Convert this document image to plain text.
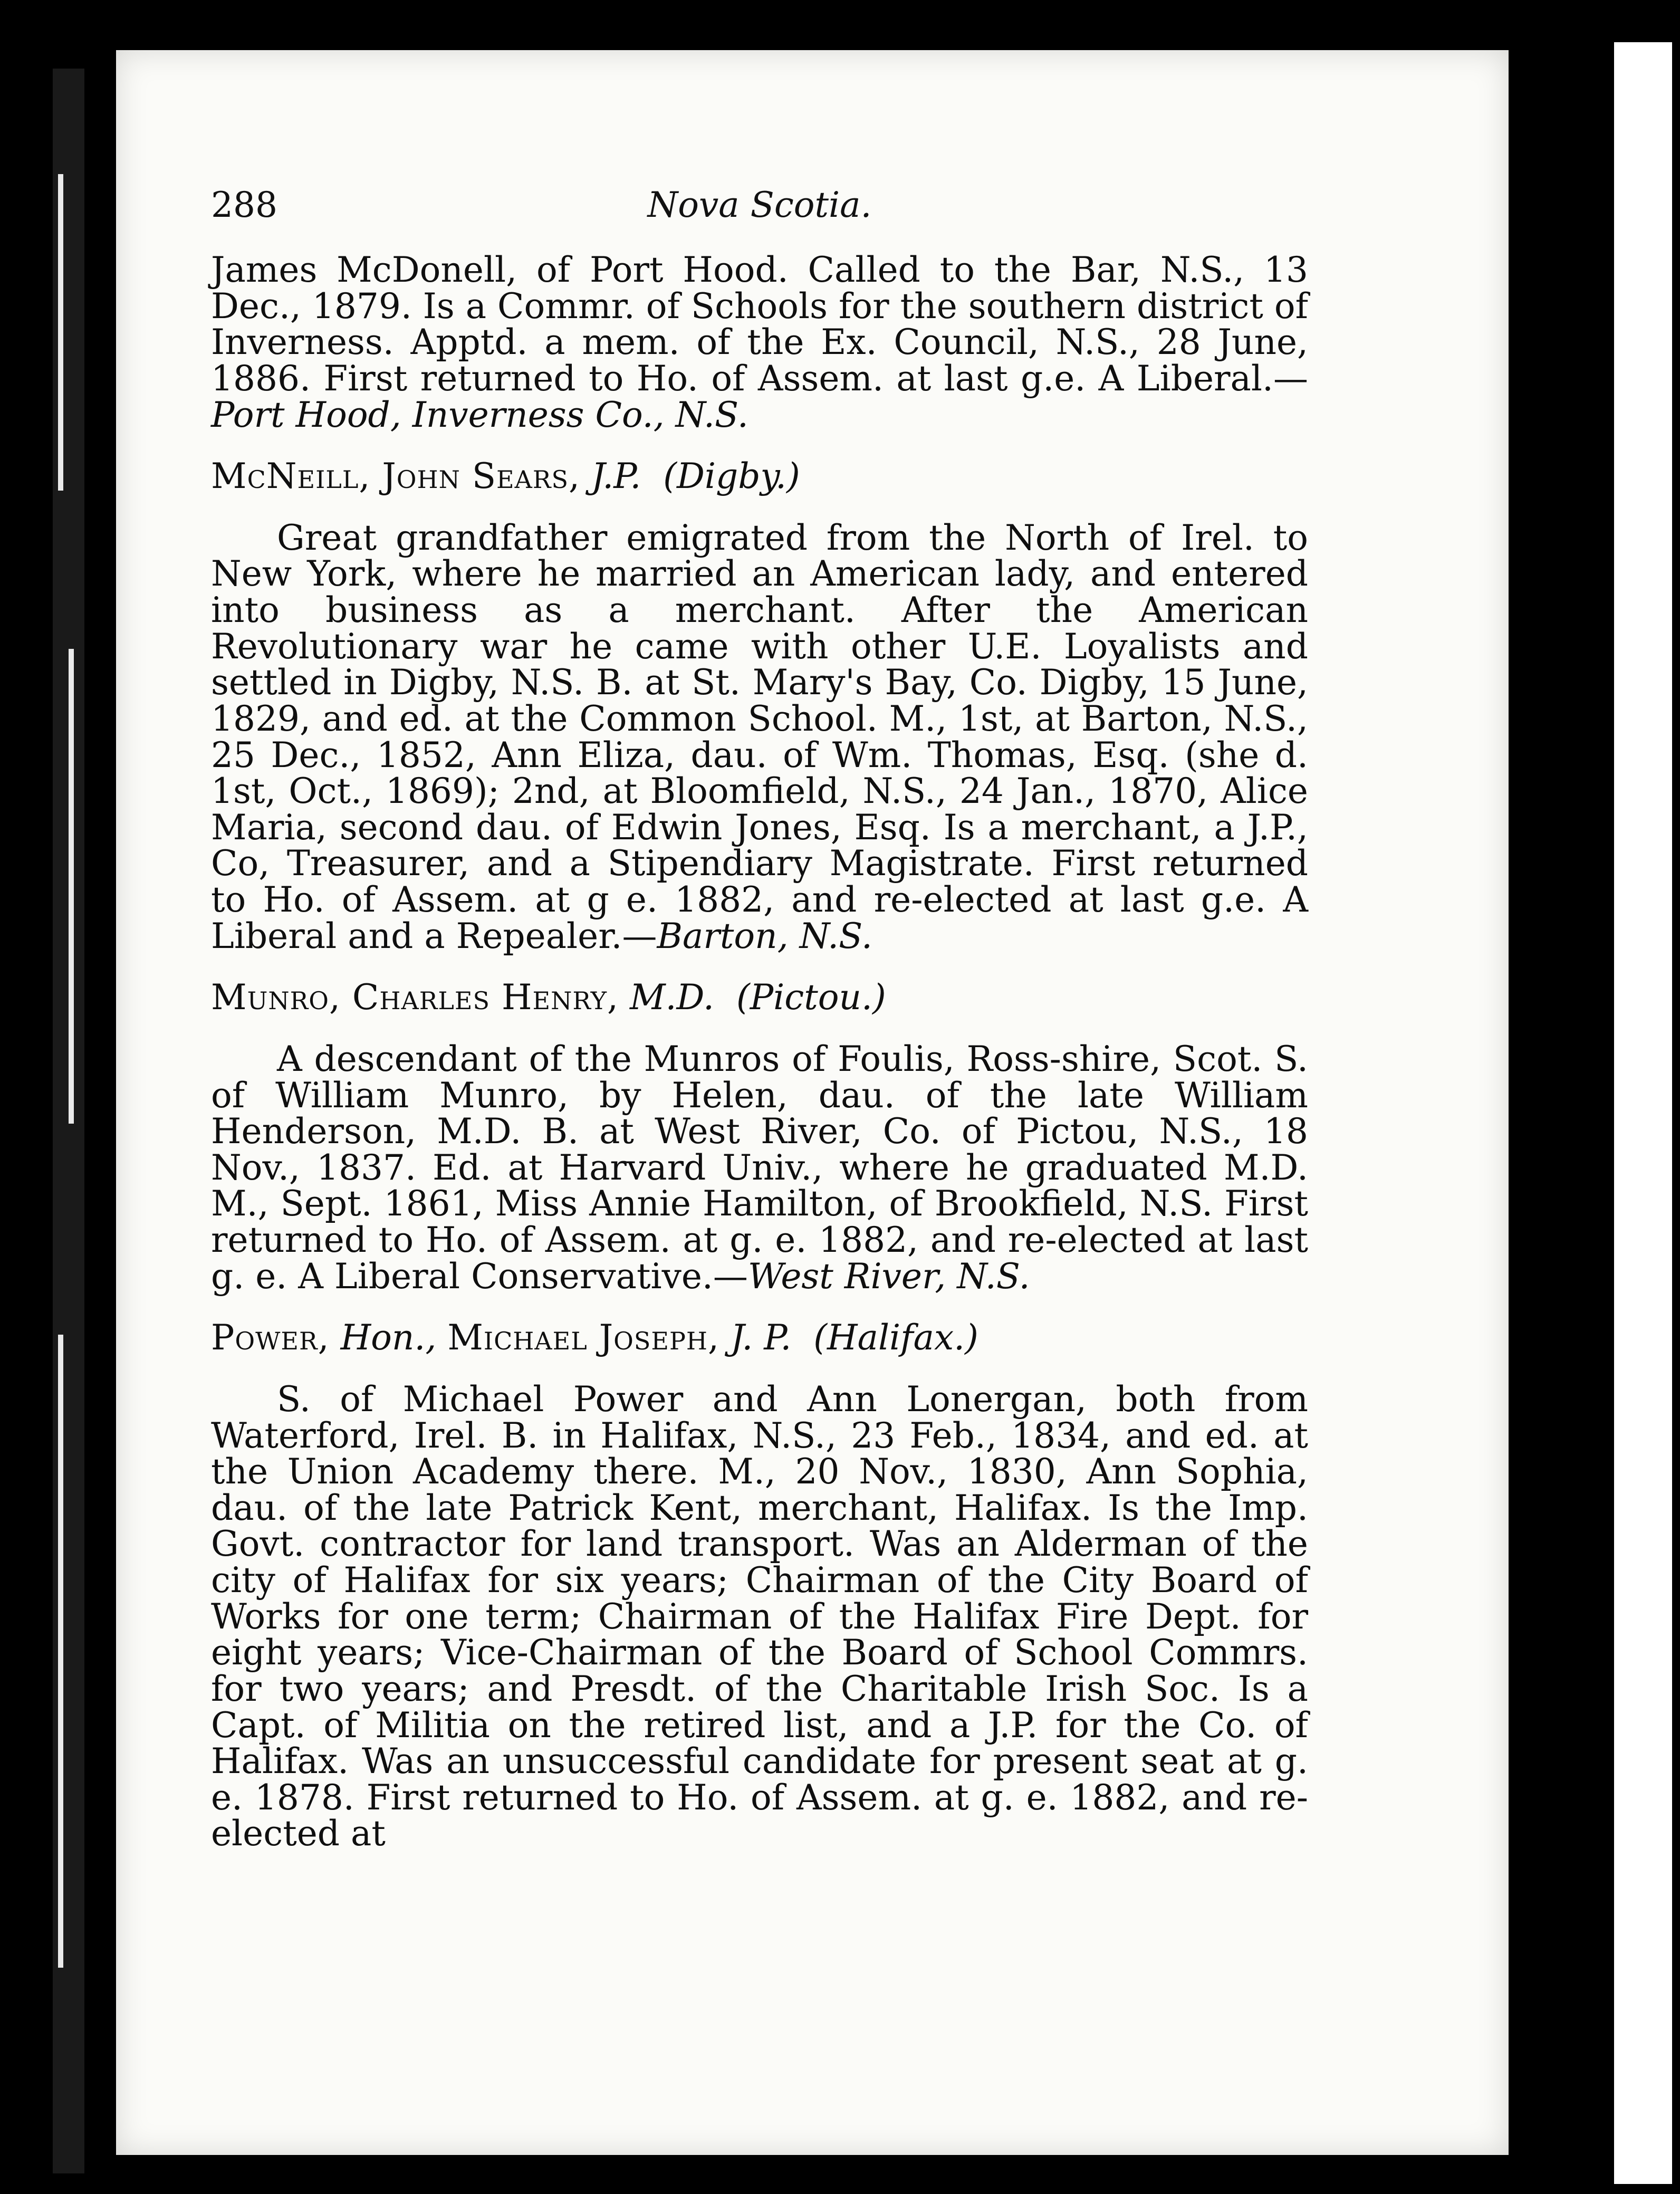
288	Nova Scotia.

James McDonell, of Port Hood. Called to the Bar, N.S., 13 Dec., 1879. Is a Commr. of Schools for the southern district of Inverness. Apptd. a mem. of the Ex. Council, N.S., 28 June, 1886. First returned to Ho. of Assem. at last g.e. A Liberal.—Port Hood, Inverness Co., N.S.

McNeill, John Sears, J.P. (Digby.)

Great grandfather emigrated from the North of Irel. to New York, where he married an American lady, and entered into business as a merchant. After the American Revolutionary war he came with other U.E. Loyalists and settled in Digby, N.S. B. at St. Mary's Bay, Co. Digby, 15 June, 1829, and ed. at the Common School. M., 1st, at Barton, N.S., 25 Dec., 1852, Ann Eliza, dau. of Wm. Thomas, Esq. (she d. 1st, Oct., 1869); 2nd, at Bloomfield, N.S., 24 Jan., 1870, Alice Maria, second dau. of Edwin Jones, Esq. Is a merchant, a J.P., Co, Treasurer, and a Stipendiary Magistrate. First returned to Ho. of Assem. at g e. 1882, and re-elected at last g.e. A Liberal and a Repealer.—Barton, N.S.

Munro, Charles Henry, M.D. (Pictou.)

A descendant of the Munros of Foulis, Ross-shire, Scot. S. of William Munro, by Helen, dau. of the late William Henderson, M.D. B. at West River, Co. of Pictou, N.S., 18 Nov., 1837. Ed. at Harvard Univ., where he graduated M.D. M., Sept. 1861, Miss Annie Hamilton, of Brookfield, N.S. First returned to Ho. of Assem. at g. e. 1882, and re-elected at last g. e. A Liberal Conservative.—West River, N.S.

Power, Hon., Michael Joseph, J. P. (Halifax.)

S. of Michael Power and Ann Lonergan, both from Waterford, Irel. B. in Halifax, N.S., 23 Feb., 1834, and ed. at the Union Academy there. M., 20 Nov., 1830, Ann Sophia, dau. of the late Patrick Kent, merchant, Halifax. Is the Imp. Govt. contractor for land transport. Was an Alderman of the city of Halifax for six years; Chairman of the City Board of Works for one term; Chairman of the Halifax Fire Dept. for eight years; Vice-Chairman of the Board of School Commrs. for two years; and Presdt. of the Charitable Irish Soc. Is a Capt. of Militia on the retired list, and a J.P. for the Co. of Halifax. Was an unsuccessful candidate for present seat at g. e. 1878. First returned to Ho. of Assem. at g. e. 1882, and re-elected at
